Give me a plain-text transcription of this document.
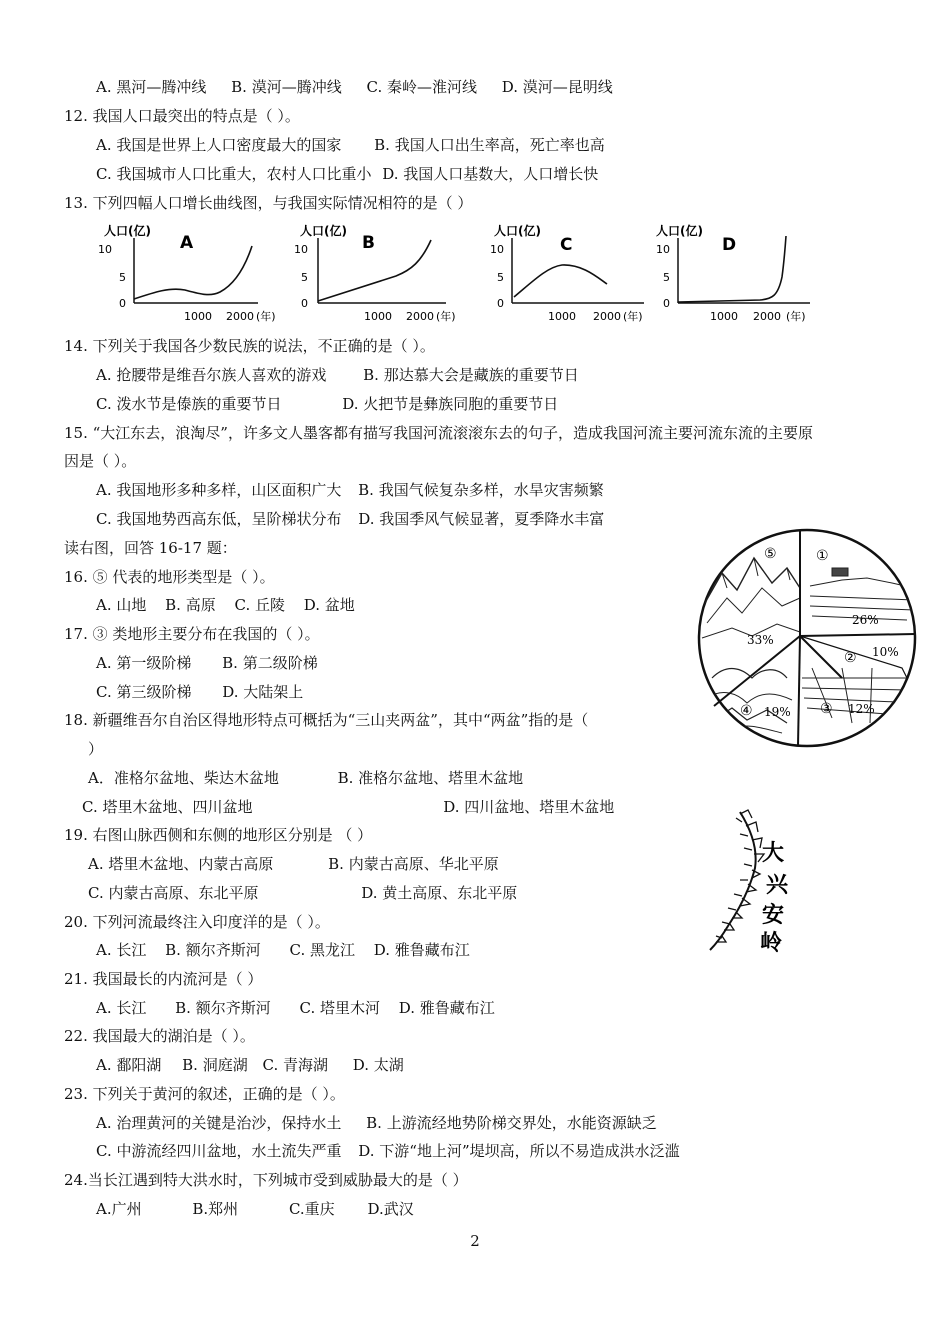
A. 黑河—腾冲线 B. 漠河—腾冲线 C. 秦岭—淮河线 D. 漠河—昆明线
12. 我国人口最突出的特点是（ ）。
A. 我国是世界上人口密度最大的国家 B. 我国人口出生率高，死亡率也高
C. 我国城市人口比重大，农村人口比重小 D. 我国人口基数大，人口增长快
13. 下列四幅人口增长曲线图，与我国实际情况相符的是（ ）
人口(亿)
A
10
5
0
1000 2000 (年)
人口(亿)
B
10
5
0
1000 2000 (年)
人口(亿)
C
10
5
0
1000 2000 (年)
人口(亿)
D
10
5
0
1000 2000 (年)
14. 下列关于我国各少数民族的说法，不正确的是（ ）。
A. 抢腰带是维吾尔族人喜欢的游戏 B. 那达慕大会是藏族的重要节日
C. 泼水节是傣族的重要节日	D. 火把节是彝族同胞的重要节日
15. “大江东去，浪淘尽”，许多文人墨客都有描写我国河流滚滚东去的句子，造成我国河流主要河流东流的主要原
因是（ ）。
A. 我国地形多种多样，山区面积广大 B. 我国气候复杂多样，水旱灾害频繁
C. 我国地势西高东低，呈阶梯状分布 D. 我国季风气候显著，夏季降水丰富
读右图，回答 16-17 题：
16. ⑤ 代表的地形类型是（ ）。
A. 山地 B. 高原 C. 丘陵 D. 盆地
17. ③ 类地形主要分布在我国的（ ）。
A. 第一级阶梯 B. 第二级阶梯
C. 第三级阶梯 D. 大陆架上
⑤	①
②
③
④
33%
26%
10%
12%
19%
18. 新疆维吾尔自治区得地形特点可概括为“三山夹两盆”，其中“两盆”指的是（
）
A．准格尔盆地、柴达木盆地	B. 准格尔盆地、塔里木盆地
C. 塔里木盆地、四川盆地	D. 四川盆地、塔里木盆地
19. 右图山脉西侧和东侧的地形区分别是 （ ）
A. 塔里木盆地、内蒙古高原	B. 内蒙古高原、华北平原
C. 内蒙古高原、东北平原	D. 黄土高原、东北平原
大
兴
安
岭
20. 下列河流最终注入印度洋的是（ ）。
A. 长江 B. 额尔齐斯河 C. 黑龙江 D. 雅鲁藏布江
21. 我国最长的内流河是（ ）
A. 长江 B. 额尔齐斯河 C. 塔里木河 D. 雅鲁藏布江
22. 我国最大的湖泊是（ ）。
A. 鄱阳湖 B. 洞庭湖 C. 青海湖 D. 太湖
23. 下列关于黄河的叙述，正确的是（ ）。
A. 治理黄河的关键是治沙，保持水土 B. 上游流经地势阶梯交界处，水能资源缺乏
C. 中游流经四川盆地，水土流失严重 D. 下游“地上河”堤坝高，所以不易造成洪水泛滥
24.当长江遇到特大洪水时，下列城市受到威胁最大的是（ ）
A.广州	B.郑州	C.重庆 D.武汉
2
